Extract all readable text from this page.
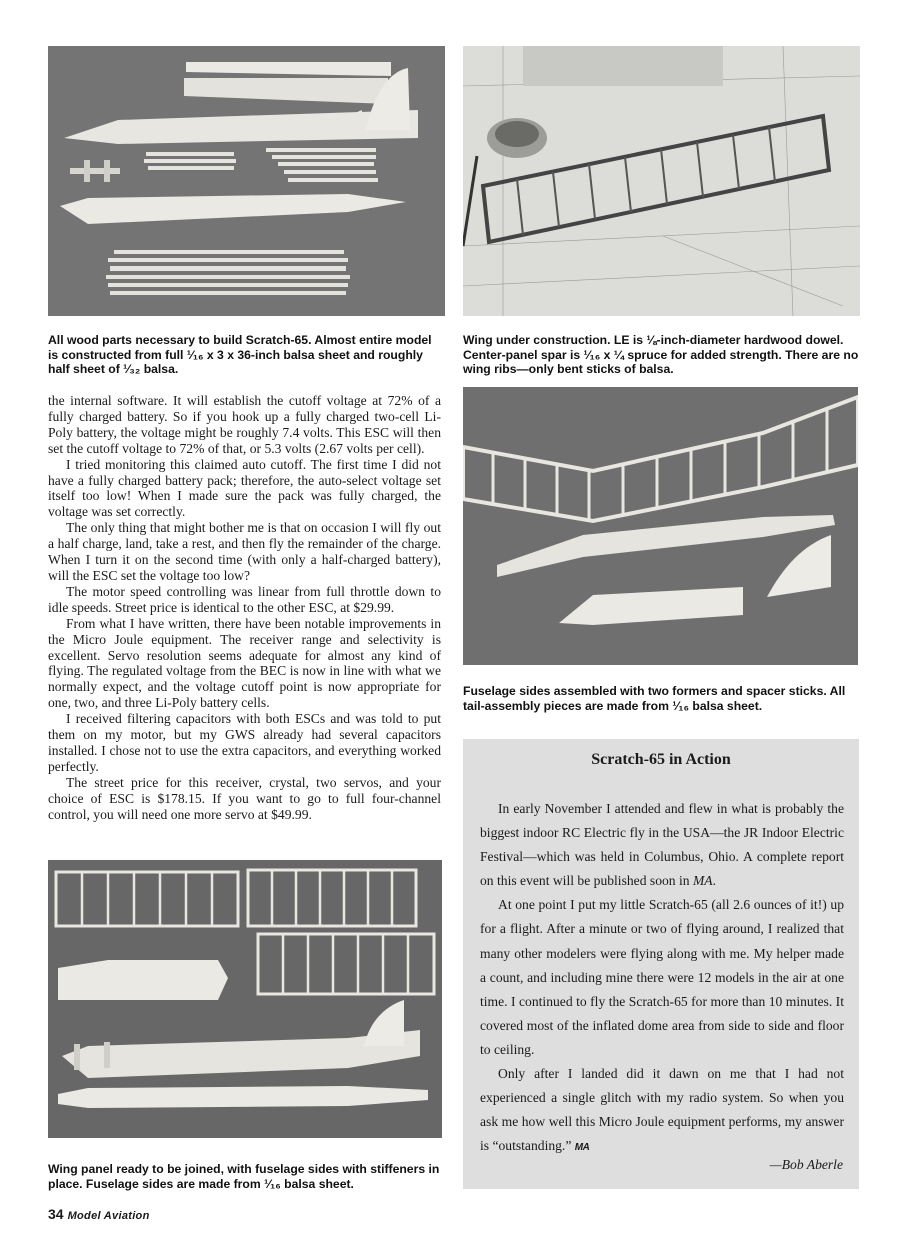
All wood parts necessary to build Scratch-65. Almost entire model is constructed from full ¹⁄₁₆ x 3 x 36-inch balsa sheet and roughly half sheet of ¹⁄₃₂ balsa.
Wing under construction. LE is ⅛-inch-diameter hardwood dowel. Center-panel spar is ¹⁄₁₆ x ¼ spruce for added strength. There are no wing ribs—only bent sticks of balsa.
Fuselage sides assembled with two formers and spacer sticks. All tail-assembly pieces are made from ¹⁄₁₆ balsa sheet.

the internal software. It will establish the cutoff voltage at 72% of a fully charged battery. So if you hook up a fully charged two-cell Li-Poly battery, the voltage might be roughly 7.4 volts. This ESC will then set the cutoff voltage to 72% of that, or 5.3 volts (2.67 volts per cell).

I tried monitoring this claimed auto cutoff. The first time I did not have a fully charged battery pack; therefore, the auto-select voltage set itself too low! When I made sure the pack was fully charged, the voltage was set correctly.

The only thing that might bother me is that on occasion I will fly out a half charge, land, take a rest, and then fly the remainder of the charge. When I turn it on the second time (with only a half-charged battery), will the ESC set the voltage too low?

The motor speed controlling was linear from full throttle down to idle speeds. Street price is identical to the other ESC, at $29.99.

From what I have written, there have been notable improvements in the Micro Joule equipment. The receiver range and selectivity is excellent. Servo resolution seems adequate for almost any kind of flying. The regulated voltage from the BEC is now in line with what we normally expect, and the voltage cutoff point is now appropriate for one, two, and three Li-Poly battery cells.

I received filtering capacitors with both ESCs and was told to put them on my motor, but my GWS already had several capacitors installed. I chose not to use the extra capacitors, and everything worked perfectly.

The street price for this receiver, crystal, two servos, and your choice of ESC is $178.15. If you want to go to full four-channel control, you will need one more servo at $49.99.

Wing panel ready to be joined, with fuselage sides with stiffeners in place. Fuselage sides are made from ¹⁄₁₆ balsa sheet.
Scratch-65 in Action

In early November I attended and flew in what is probably the biggest indoor RC Electric fly in the USA—the JR Indoor Electric Festival—which was held in Columbus, Ohio. A complete report on this event will be published soon in MA.

At one point I put my little Scratch-65 (all 2.6 ounces of it!) up for a flight. After a minute or two of flying around, I realized that many other modelers were flying along with me. My helper made a count, and including mine there were 12 models in the air at one time. I continued to fly the Scratch-65 for more than 10 minutes. It covered most of the inflated dome area from side to side and floor to ceiling.

Only after I landed did it dawn on me that I had not experienced a single glitch with my radio system. So when you ask me how well this Micro Joule equipment performs, my answer is “outstanding.” MA

—Bob Aberle
34 Model Aviation
